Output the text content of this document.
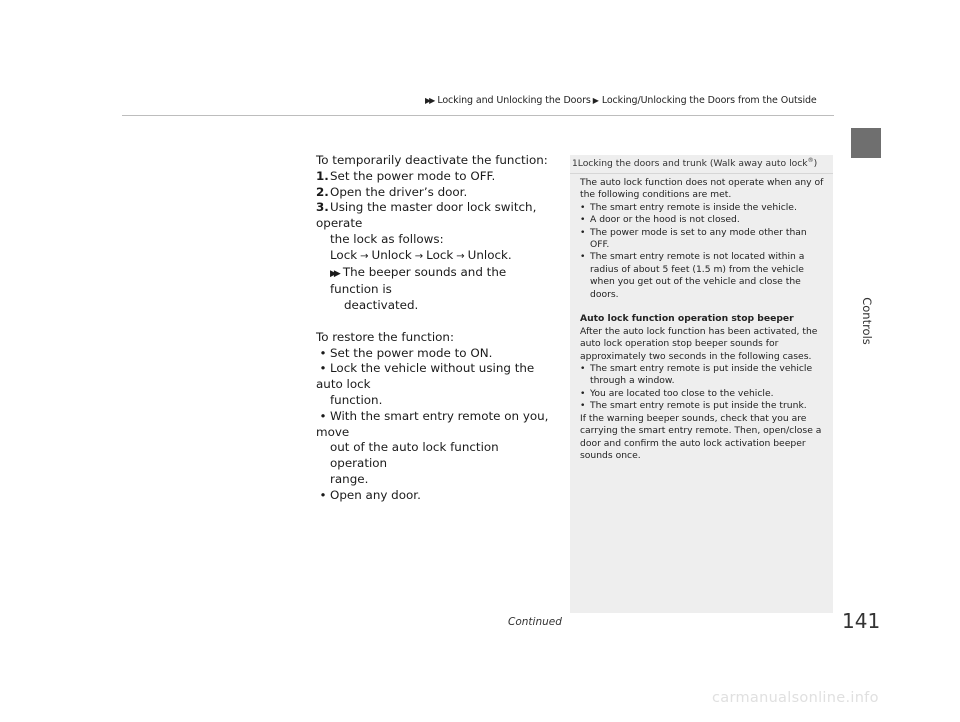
▶▶ Locking and Unlocking the Doors ▶ Locking/Unlocking the Doors from the Outside
Controls

To temporarily deactivate the function:

1.Set the power mode to OFF.

2.Open the driver’s door.

3.Using the master door lock switch, operate

the lock as follows:

Lock → Unlock → Lock → Unlock.

▶▶ The beeper sounds and the function is

deactivated.

To restore the function:

• Set the power mode to ON.

• Lock the vehicle without using the auto lock

function.

• With the smart entry remote on you, move

out of the auto lock function operation

range.

• Open any door.

1Locking the doors and trunk (Walk away auto lock®)

The auto lock function does not operate when any of

the following conditions are met.

• The smart entry remote is inside the vehicle.

• A door or the hood is not closed.

• The power mode is set to any mode other than

OFF.

• The smart entry remote is not located within a

radius of about 5 feet (1.5 m) from the vehicle

when you get out of the vehicle and close the

doors.

Auto lock function operation stop beeper

After the auto lock function has been activated, the

auto lock operation stop beeper sounds for

approximately two seconds in the following cases.

• The smart entry remote is put inside the vehicle

through a window.

• You are located too close to the vehicle.

• The smart entry remote is put inside the trunk.

If the warning beeper sounds, check that you are

carrying the smart entry remote. Then, open/close a

door and confirm the auto lock activation beeper

sounds once.

Continued	141
carmanualsonline.info
